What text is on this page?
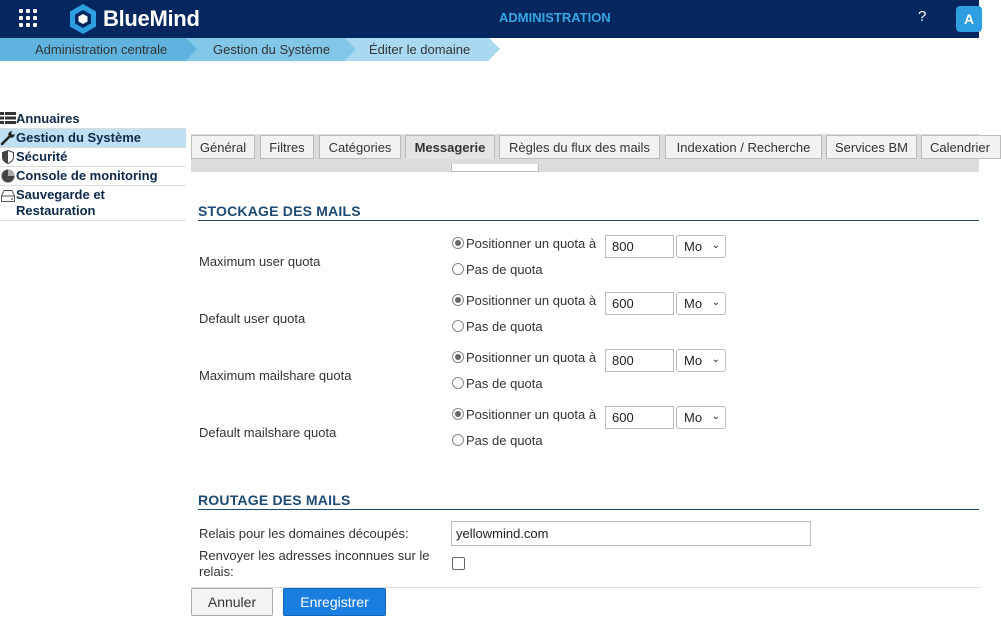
BlueMind	ADMINISTRATION	?	A
Administration centrale	Gestion du Système	Éditer le domaine
Annuaires
Gestion du Système
Sécurité
Console de monitoring
Sauvegarde et Restauration
Général	Filtres	Catégories	Messagerie	Règles du flux des mails	Indexation / Recherche	Services BM	Calendrier
STOCKAGE DES MAILS
Maximum user quota
Positionner un quota à
800	Mo ⌄
Pas de quota
Default user quota
Positionner un quota à
600	Mo ⌄
Pas de quota
Maximum mailshare quota
Positionner un quota à
800	Mo ⌄
Pas de quota
Default mailshare quota
Positionner un quota à
600	Mo ⌄
Pas de quota
ROUTAGE DES MAILS
Relais pour les domaines découpés:
yellowmind.com
Renvoyer les adresses inconnues sur le relais:
Annuler	Enregistrer
